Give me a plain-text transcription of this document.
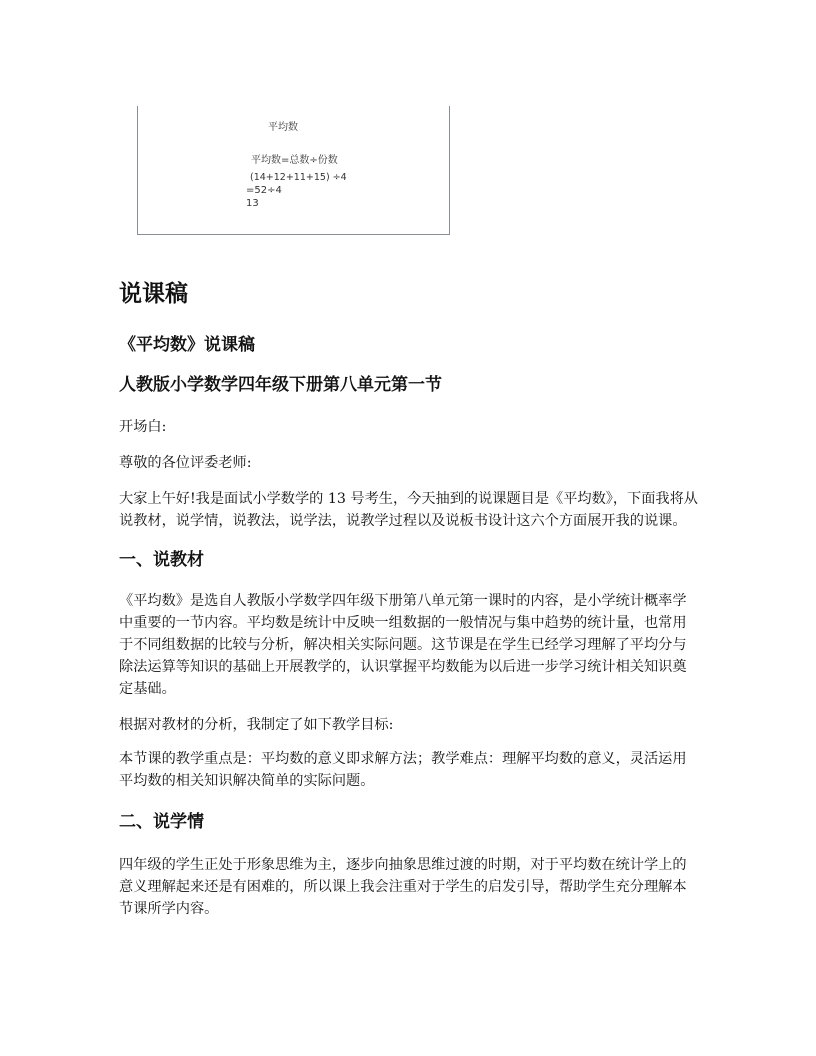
平均数
平均数=总数÷份数
(14+12+11+15) ÷4
=52÷4
13
说课稿
《平均数》说课稿
人教版小学数学四年级下册第八单元第一节

开场白:

尊敬的各位评委老师:

大家上午好!我是面试小学数学的 13 号考生，今天抽到的说课题目是《平均数》，下面我将从说教材，说学情，说教法，说学法，说教学过程以及说板书设计这六个方面展开我的说课。

一、说教材

《平均数》是选自人教版小学数学四年级下册第八单元第一课时的内容，是小学统计概率学中重要的一节内容。平均数是统计中反映一组数据的一般情况与集中趋势的统计量，也常用于不同组数据的比较与分析，解决相关实际问题。这节课是在学生已经学习理解了平均分与除法运算等知识的基础上开展教学的，认识掌握平均数能为以后进一步学习统计相关知识奠定基础。

根据对教材的分析，我制定了如下教学目标:

本节课的教学重点是：平均数的意义即求解方法；教学难点：理解平均数的意义，灵活运用平均数的相关知识解决简单的实际问题。

二、说学情

四年级的学生正处于形象思维为主，逐步向抽象思维过渡的时期，对于平均数在统计学上的意义理解起来还是有困难的，所以课上我会注重对于学生的启发引导，帮助学生充分理解本节课所学内容。
